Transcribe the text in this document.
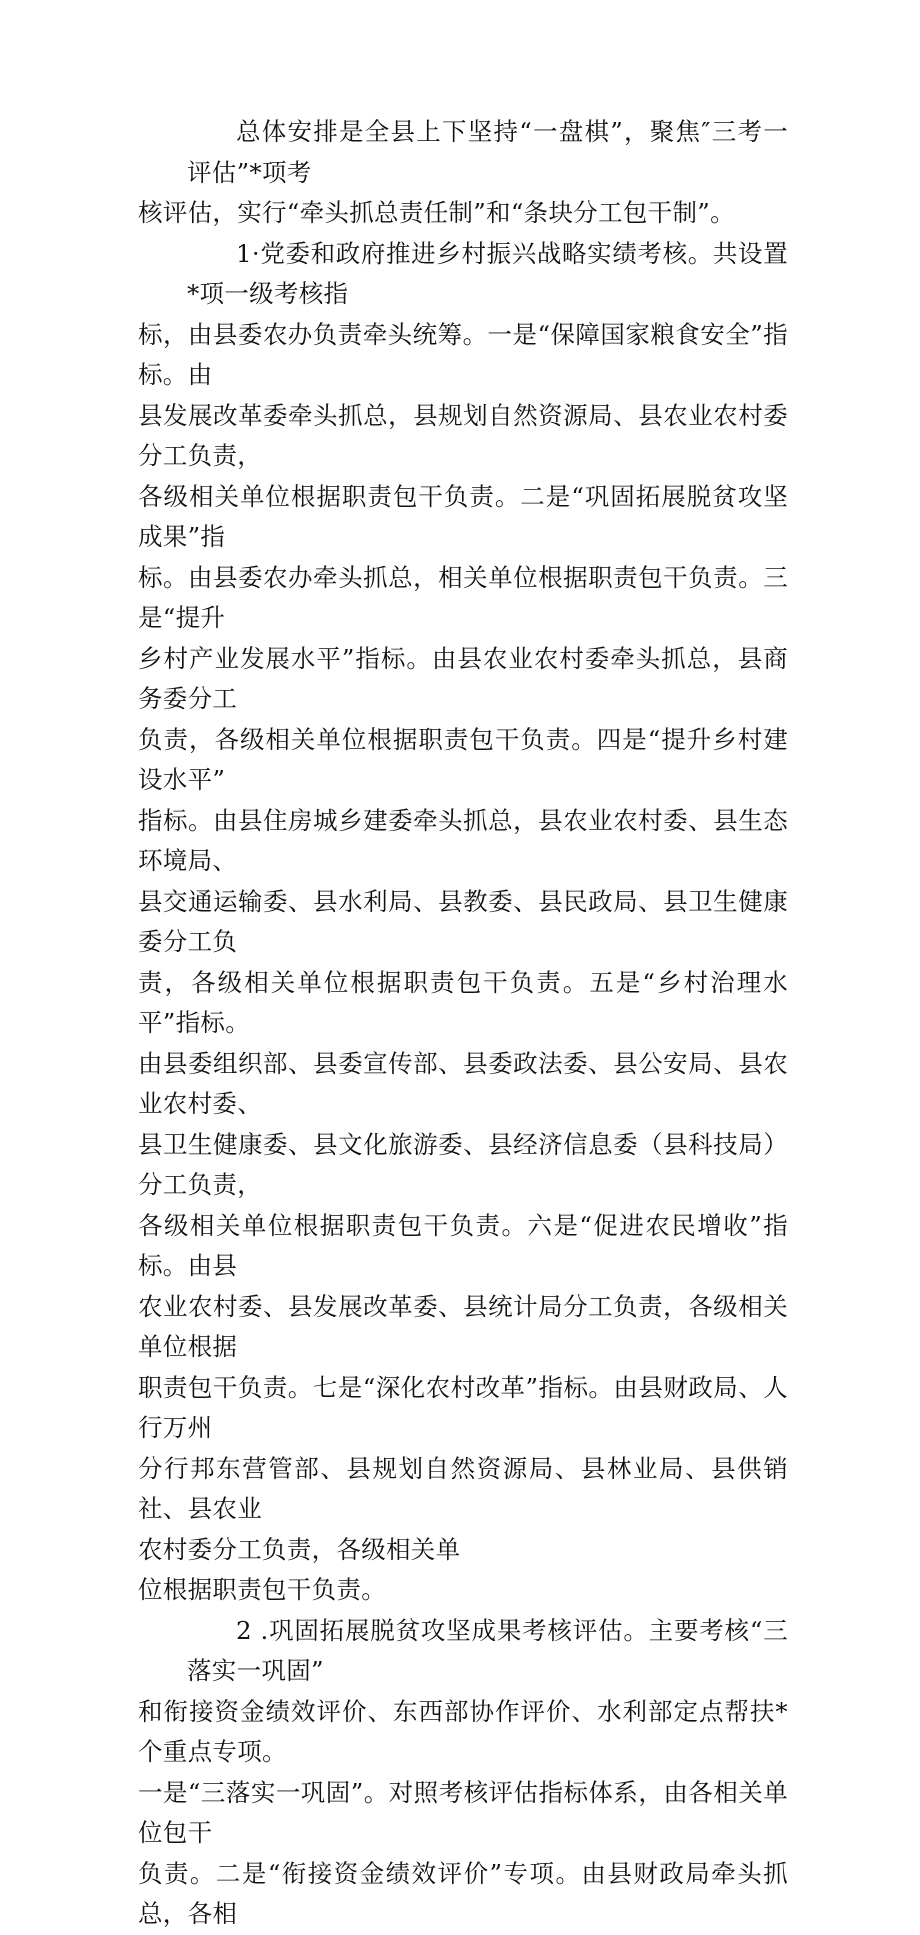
总体安排是全县上下坚持“一盘棋”，聚焦″三考一评估”*项考
核评估，实行“牵头抓总责任制”和“条块分工包干制”。

1·党委和政府推进乡村振兴战略实绩考核。共设置*项一级考核指
标，由县委农办负责牵头统筹。一是“保障国家粮食安全”指标。由
县发展改革委牵头抓总，县规划自然资源局、县农业农村委分工负责，
各级相关单位根据职责包干负责。二是“巩固拓展脱贫攻坚成果”指
标。由县委农办牵头抓总，相关单位根据职责包干负责。三是“提升
乡村产业发展水平”指标。由县农业农村委牵头抓总，县商务委分工
负责，各级相关单位根据职责包干负责。四是“提升乡村建设水平”
指标。由县住房城乡建委牵头抓总，县农业农村委、县生态环境局、
县交通运输委、县水利局、县教委、县民政局、县卫生健康委分工负
责，各级相关单位根据职责包干负责。五是“乡村治理水平”指标。
由县委组织部、县委宣传部、县委政法委、县公安局、县农业农村委、
县卫生健康委、县文化旅游委、县经济信息委（县科技局）分工负责，
各级相关单位根据职责包干负责。六是“促进农民增收”指标。由县
农业农村委、县发展改革委、县统计局分工负责，各级相关单位根据
职责包干负责。七是“深化农村改革”指标。由县财政局、人行万州
分行邦东营管部、县规划自然资源局、县林业局、县供销社、县农业
农村委分工负责，各级相关单
位根据职责包干负责。

2 .巩固拓展脱贫攻坚成果考核评估。主要考核“三落实一巩固”
和衔接资金绩效评价、东西部协作评价、水利部定点帮扶*个重点专项。
一是“三落实一巩固”。对照考核评估指标体系，由各相关单位包干
负责。二是“衔接资金绩效评价”专项。由县财政局牵头抓总，各相
